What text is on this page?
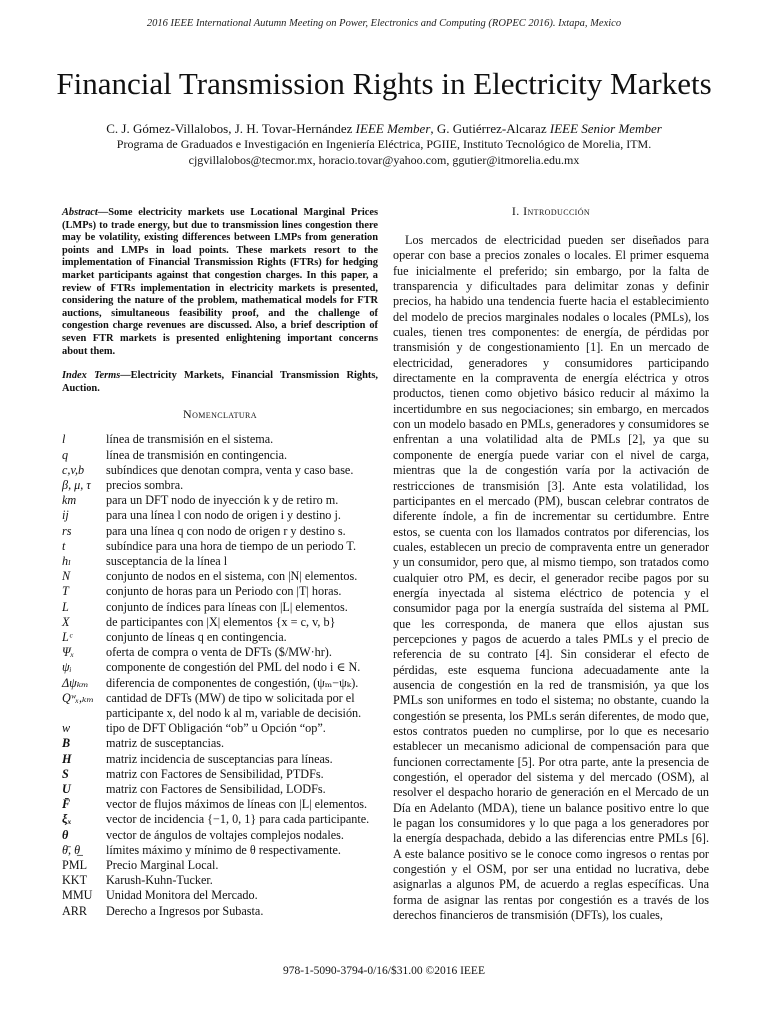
2016 IEEE International Autumn Meeting on Power, Electronics and Computing (ROPEC 2016). Ixtapa, Mexico
Financial Transmission Rights in Electricity Markets
C. J. Gómez-Villalobos, J. H. Tovar-Hernández IEEE Member, G. Gutiérrez-Alcaraz IEEE Senior Member
Programa de Graduados e Investigación en Ingeniería Eléctrica, PGIIE, Instituto Tecnológico de Morelia, ITM.
cjgvillalobos@tecmor.mx, horacio.tovar@yahoo.com, ggutier@itmorelia.edu.mx

Abstract—Some electricity markets use Locational Marginal Prices (LMPs) to trade energy, but due to transmission lines congestion there may be volatility, existing differences between LMPs from generation points and LMPs in load points. These markets resort to the implementation of Financial Transmission Rights (FTRs) for hedging market participants against that congestion charges. In this paper, a review of FTRs implementation in electricity markets is presented, considering the nature of the problem, mathematical models for FTR auctions, simultaneous feasibility proof, and the challenge of congestion charge revenues are discussed. Also, a brief description of seven FTR markets is presented enlightening important concerns about them.

Index Terms—Electricity Markets, Financial Transmission Rights, Auction.
Nomenclatura
l	línea de transmisión en el sistema.
q	línea de transmisión en contingencia.
c,v,b	subíndices que denotan compra, venta y caso base.
β, μ, τ	precios sombra.
km	para un DFT nodo de inyección k y de retiro m.
ij	para una línea l con nodo de origen i y destino j.
rs	para una línea q con nodo de origen r y destino s.
t	subíndice para una hora de tiempo de un periodo T.
hₗ	susceptancia de la línea l
N	conjunto de nodos en el sistema, con |N| elementos.
T	conjunto de horas para un Periodo con |T| horas.
L	conjunto de índices para líneas con |L| elementos.
X	de participantes con |X| elementos {x = c, v, b}
Lᶜ	conjunto de líneas q en contingencia.
Ψₓ	oferta de compra o venta de DFTs ($/MW·hr).
ψᵢ	componente de congestión del PML del nodo i ∈ N.
Δψₖₘ	diferencia de componentes de congestión, (ψₘ−ψₖ).
Qʷₓ,ₖₘ cantidad de DFTs (MW) de tipo w solicitada por el
participante x, del nodo k al m, variable de decisión.
w	tipo de DFT Obligación “ob” u Opción “op”.
B	matriz de susceptancias.
H	matriz incidencia de susceptancias para líneas.
S	matriz con Factores de Sensibilidad, PTDFs.
U	matriz con Factores de Sensibilidad, LODFs.
F̄	vector de flujos máximos de líneas con |L| elementos.
ξₓ	vector de incidencia {−1, 0, 1} para cada participante.
θ	vector de ángulos de voltajes complejos nodales.
θ̄, θ̲	límites máximo y mínimo de θ respectivamente.
PML	Precio Marginal Local.
KKT	Karush-Kuhn-Tucker.
MMU	Unidad Monitora del Mercado.
ARR	Derecho a Ingresos por Subasta.
I. Introducción

Los mercados de electricidad pueden ser diseñados para operar con base a precios zonales o locales. El primer esquema fue inicialmente el preferido; sin embargo, por la falta de transparencia y dificultades para delimitar zonas y definir precios, ha habido una tendencia fuerte hacia el establecimiento del modelo de precios marginales nodales o locales (PMLs), los cuales, tienen tres componentes: de energía, de pérdidas por transmisión y de congestionamiento [1]. En un mercado de electricidad, generadores y consumidores participando directamente en la compraventa de energía eléctrica y otros productos, tienen como objetivo básico reducir al máximo la incertidumbre en sus negociaciones; sin embargo, en mercados con un modelo basado en PMLs, generadores y consumidores se enfrentan a una volatilidad alta de PMLs [2], ya que su componente de energía puede variar con el nivel de carga, mientras que la de congestión varía por la activación de restricciones de transmisión [3]. Ante esta volatilidad, los participantes en el mercado (PM), buscan celebrar contratos de diferente índole, a fin de incrementar su certidumbre. Entre estos, se cuenta con los llamados contratos por diferencias, los cuales, establecen un precio de compraventa entre un generador y un consumidor, pero que, al mismo tiempo, son tratados como cualquier otro PM, es decir, el generador recibe pagos por su energía inyectada al sistema eléctrico de potencia y el consumidor paga por la energía sustraída del sistema al PML que les corresponda, de manera que ellos ajustan sus percepciones y pagos de acuerdo a tales PMLs y el precio de referencia de su contrato [4]. Sin considerar el efecto de pérdidas, este esquema funciona adecuadamente ante la ausencia de congestión en la red de transmisión, ya que los PMLs son uniformes en todo el sistema; no obstante, cuando la congestión se presenta, los PMLs serán diferentes, de modo que, estos contratos pueden no cumplirse, por lo que es necesario establecer un mecanismo adicional de compensación para que funcionen correctamente [5]. Por otra parte, ante la presencia de congestión, el operador del sistema y del mercado (OSM), al resolver el despacho horario de generación en el Mercado de un Día en Adelanto (MDA), tiene un balance positivo entre lo que le pagan los consumidores y lo que paga a los generadores por la energía despachada, debido a las diferencias entre PMLs [6]. A este balance positivo se le conoce como ingresos o rentas por congestión y el OSM, por ser una entidad no lucrativa, debe asignarlas a algunos PM, de acuerdo a reglas específicas. Una forma de asignar las rentas por congestión es a través de los derechos financieros de transmisión (DFTs), los cuales,

978-1-5090-3794-0/16/$31.00 ©2016 IEEE
